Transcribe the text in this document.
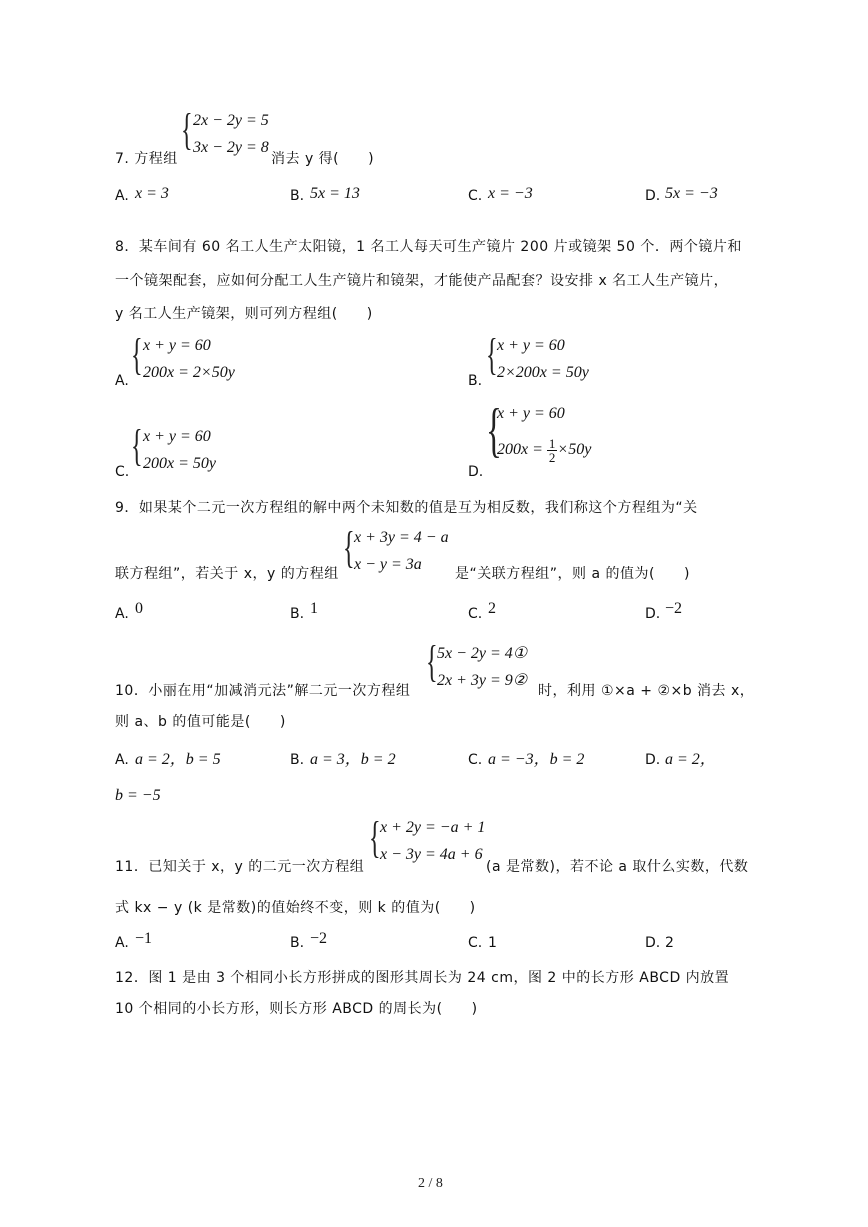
{ 2x − 2y = 5
3x − 2y = 8
7. 方程组	消去 y 得(　　)
A. x = 3	B. 5x = 13	C. x = −3	D. 5x = −3
8．某车间有 60 名工人生产太阳镜，1 名工人每天可生产镜片 200 片或镜架 50 个．两个镜片和
一个镜架配套，应如何分配工人生产镜片和镜架，才能使产品配套？设安排 x 名工人生产镜片，
y 名工人生产镜架，则可列方程组(　　)
A.
{ x + y = 60
200x = 2×50y	B.
{ x + y = 60
2×200x = 50y
C.
{ x + y = 60
200x = 50y	D.
{
x + y = 60
$200x = \frac{1}{2} \times 50y$
9．如果某个二元一次方程组的解中两个未知数的值是互为相反数，我们称这个方程组为“关
联方程组”，若关于 x，y 的方程组
{ x + 3y = 4 − a
x − y = 3a
是“关联方程组”，则 a 的值为(　　)
A. 0	B. 1	C. 2	D. −2
{ 5x − 2y = 4①
2x + 3y = 9②
10．小丽在用“加减消元法”解二元一次方程组	时，利用 ①×a + ②×b 消去 x，
则 a、b 的值可能是(　　)
A. a = 2，b = 5	B. a = 3，b = 2	C. a = −3，b = 2	D. a = 2，
b = −5
{ x + 2y = −a + 1
x − 3y = 4a + 6
11．已知关于 x，y 的二元一次方程组	(a 是常数)，若不论 a 取什么实数，代数
式 kx − y (k 是常数)的值始终不变，则 k 的值为(　　)
A. −1	B. −2	C. 1	D. 2
12．图 1 是由 3 个相同小长方形拼成的图形其周长为 24 cm，图 2 中的长方形 ABCD 内放置
10 个相同的小长方形，则长方形 ABCD 的周长为(　　)
2 / 8
